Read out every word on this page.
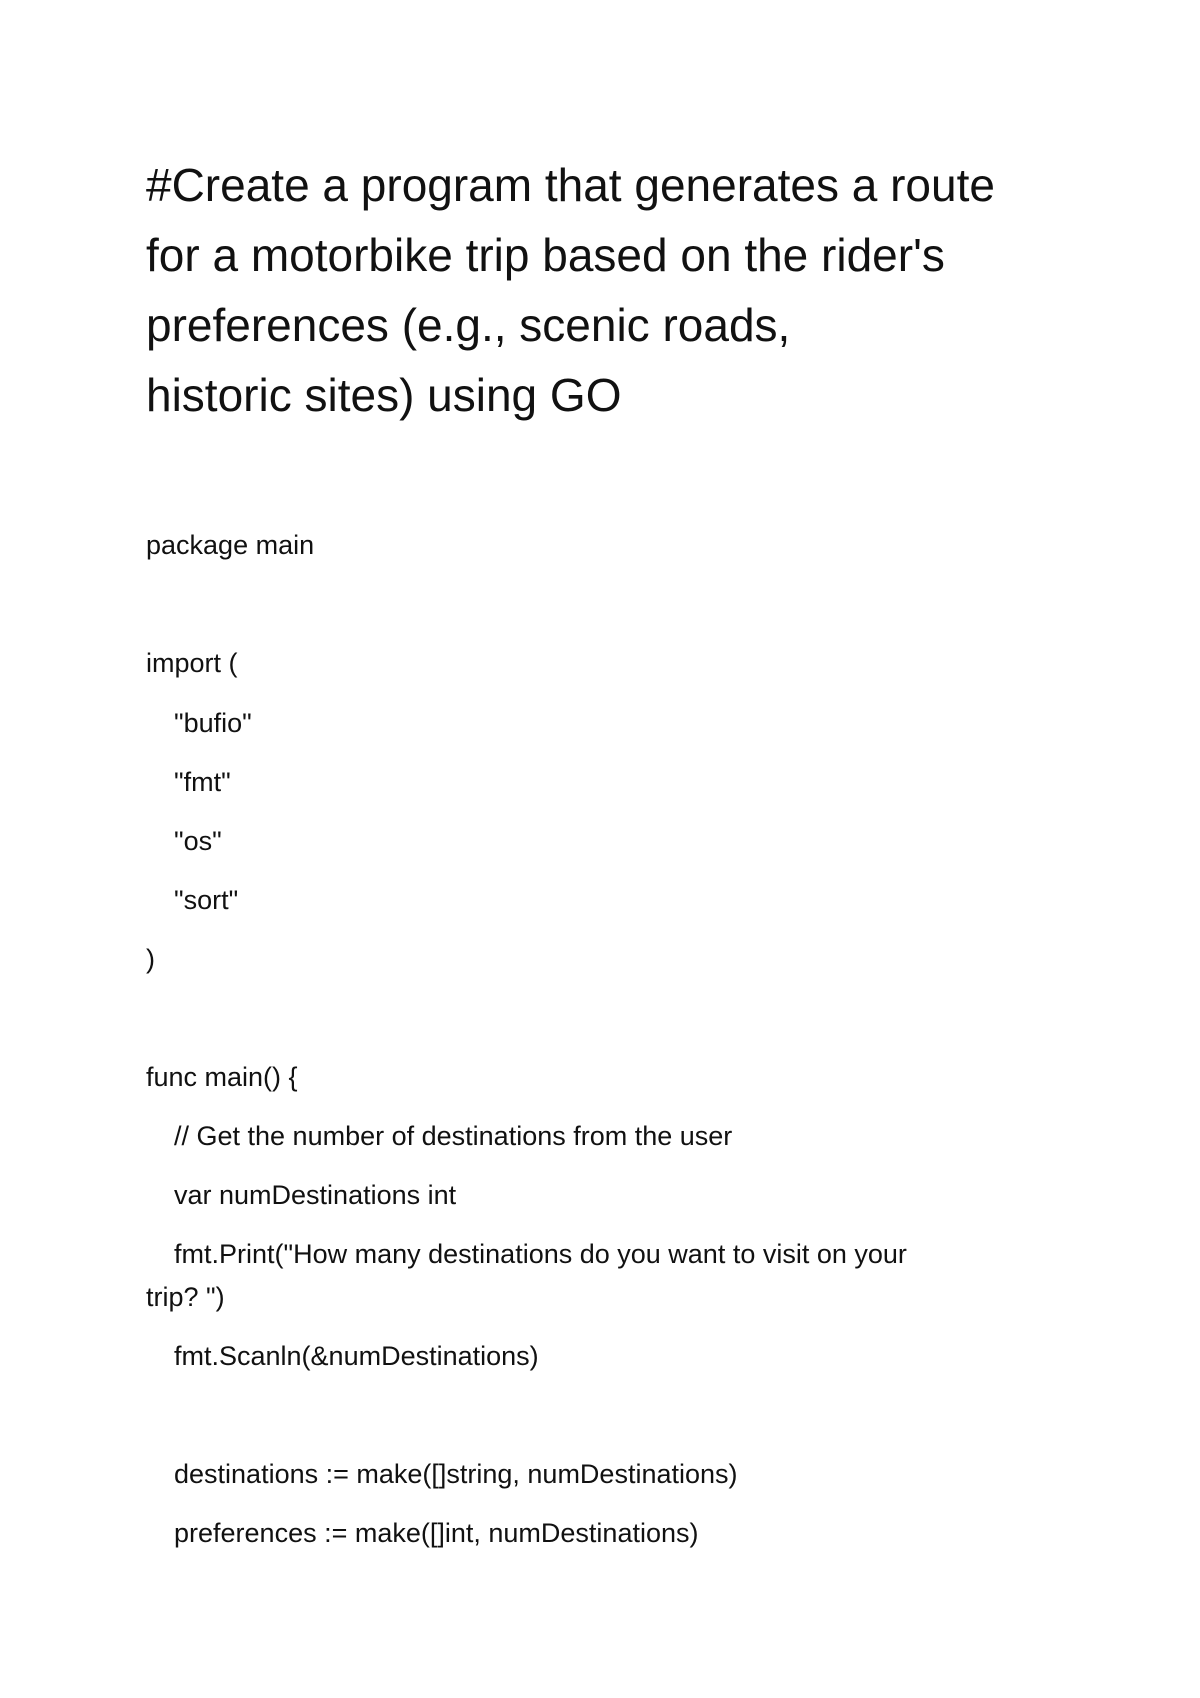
#Create a program that generates a route
for a motorbike trip based on the rider's
preferences (e.g., scenic roads,
historic sites) using GO
package main
import (
"bufio"
"fmt"
"os"
"sort"
)
func main() {
// Get the number of destinations from the user
var numDestinations int
fmt.Print("How many destinations do you want to visit on your
trip? ")
fmt.Scanln(&numDestinations)
destinations := make([]string, numDestinations)
preferences := make([]int, numDestinations)
